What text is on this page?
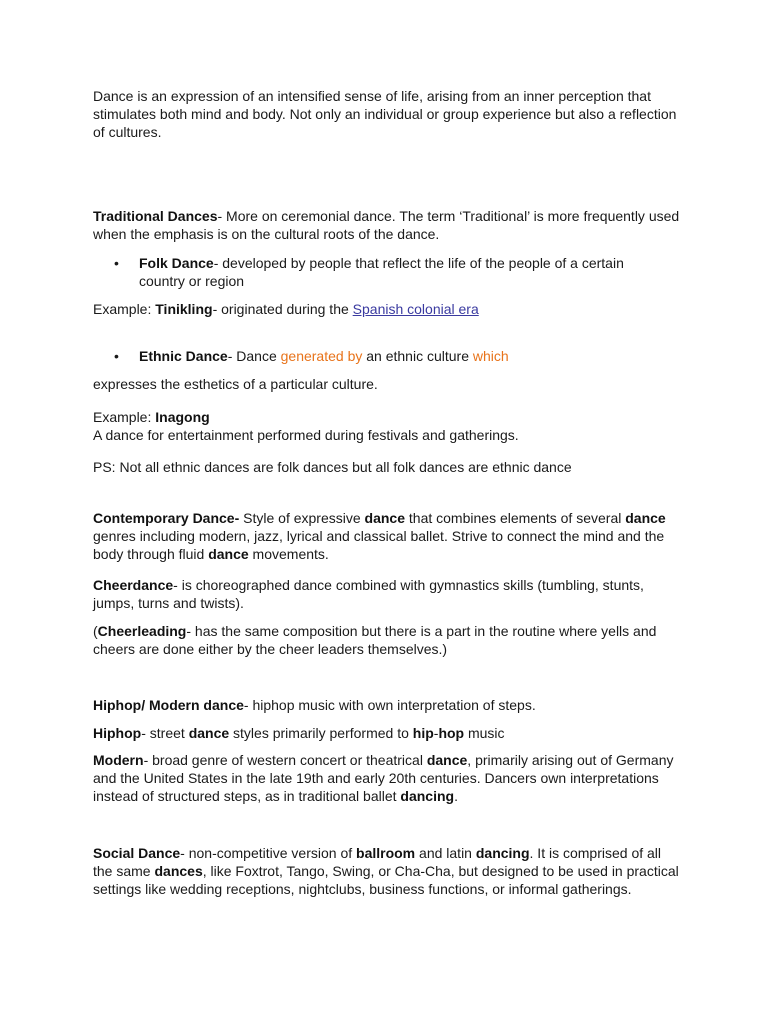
Dance is an expression of an intensified sense of life, arising from an inner perception that stimulates both mind and body. Not only an individual or group experience but also a reflection of cultures.

Traditional Dances- More on ceremonial dance. The term ‘Traditional’ is more frequently used when the emphasis is on the cultural roots of the dance.

• Folk Dance- developed by people that reflect the life of the people of a certain country or region

Example: Tinikling- originated during the Spanish colonial era

• Ethnic Dance- Dance generated by an ethnic culture which

expresses the esthetics of a particular culture.

Example: Inagong
A dance for entertainment performed during festivals and gatherings.

PS: Not all ethnic dances are folk dances but all folk dances are ethnic dance

Contemporary Dance- Style of expressive dance that combines elements of several dance genres including modern, jazz, lyrical and classical ballet. Strive to connect the mind and the body through fluid dance movements.

Cheerdance- is choreographed dance combined with gymnastics skills (tumbling, stunts, jumps, turns and twists).

(Cheerleading- has the same composition but there is a part in the routine where yells and cheers are done either by the cheer leaders themselves.)

Hiphop/ Modern dance- hiphop music with own interpretation of steps.

Hiphop- street dance styles primarily performed to hip-hop music

Modern- broad genre of western concert or theatrical dance, primarily arising out of Germany and the United States in the late 19th and early 20th centuries. Dancers own interpretations instead of structured steps, as in traditional ballet dancing.

Social Dance- non-competitive version of ballroom and latin dancing. It is comprised of all the same dances, like Foxtrot, Tango, Swing, or Cha-Cha, but designed to be used in practical settings like wedding receptions, nightclubs, business functions, or informal gatherings.
